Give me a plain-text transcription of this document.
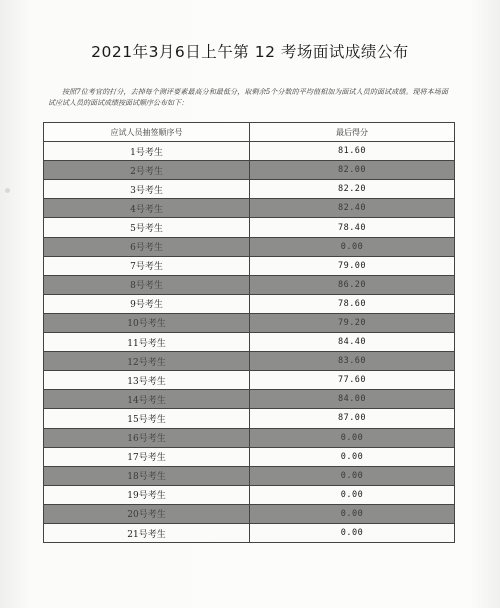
2021年3月6日上午第 12 考场面试成绩公布
按照7位考官的打分，去掉每个测评要素最高分和最低分，取剩余5个分数的平均值相加为面试人员的面试成绩。现将本场面试应试人员的面试成绩按面试顺序公布如下：
应试人员抽签顺序号	最后得分
1号考生	81.60
2号考生	82.00
3号考生	82.20
4号考生	82.40
5号考生	78.40
6号考生	0.00
7号考生	79.00
8号考生	86.20
9号考生	78.60
10号考生	79.20
11号考生	84.40
12号考生	83.60
13号考生	77.60
14号考生	84.00
15号考生	87.00
16号考生	0.00
17号考生	0.00
18号考生	0.00
19号考生	0.00
20号考生	0.00
21号考生	0.00
